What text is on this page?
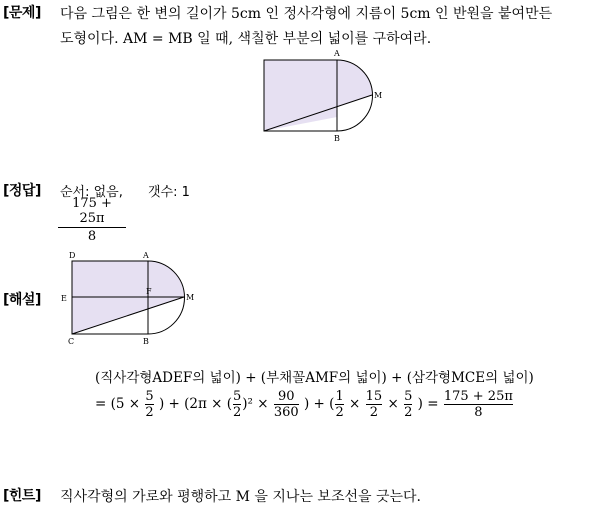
[문제] 다음 그림은 한 변의 길이가 5cm 인 정사각형에 지름이 5cm 인 반원을 붙여만든
도형이다. AM = MB 일 때, 색칠한 부분의 넓이를 구하여라.
A
M
B
[정답] 순서: 없음, 갯수: 1
175 + 25π
8
[해설]
D	A
E
F
M
C	B
(직사각형ADEF의 넓이) + (부채꼴AMF의 넓이) + (삼각형MCE의 넓이)
= ($5 \times \frac{5}{2}$ ) + ($2\pi \times (\frac{5}{2})^2 \times \frac{90}{360}$ ) + ($\frac{1}{2} \times \frac{15}{2} \times \frac{5}{2}$ ) = $\frac{175 + 25\pi}{8}$
[힌트] 직사각형의 가로와 평행하고 M 을 지나는 보조선을 긋는다.
